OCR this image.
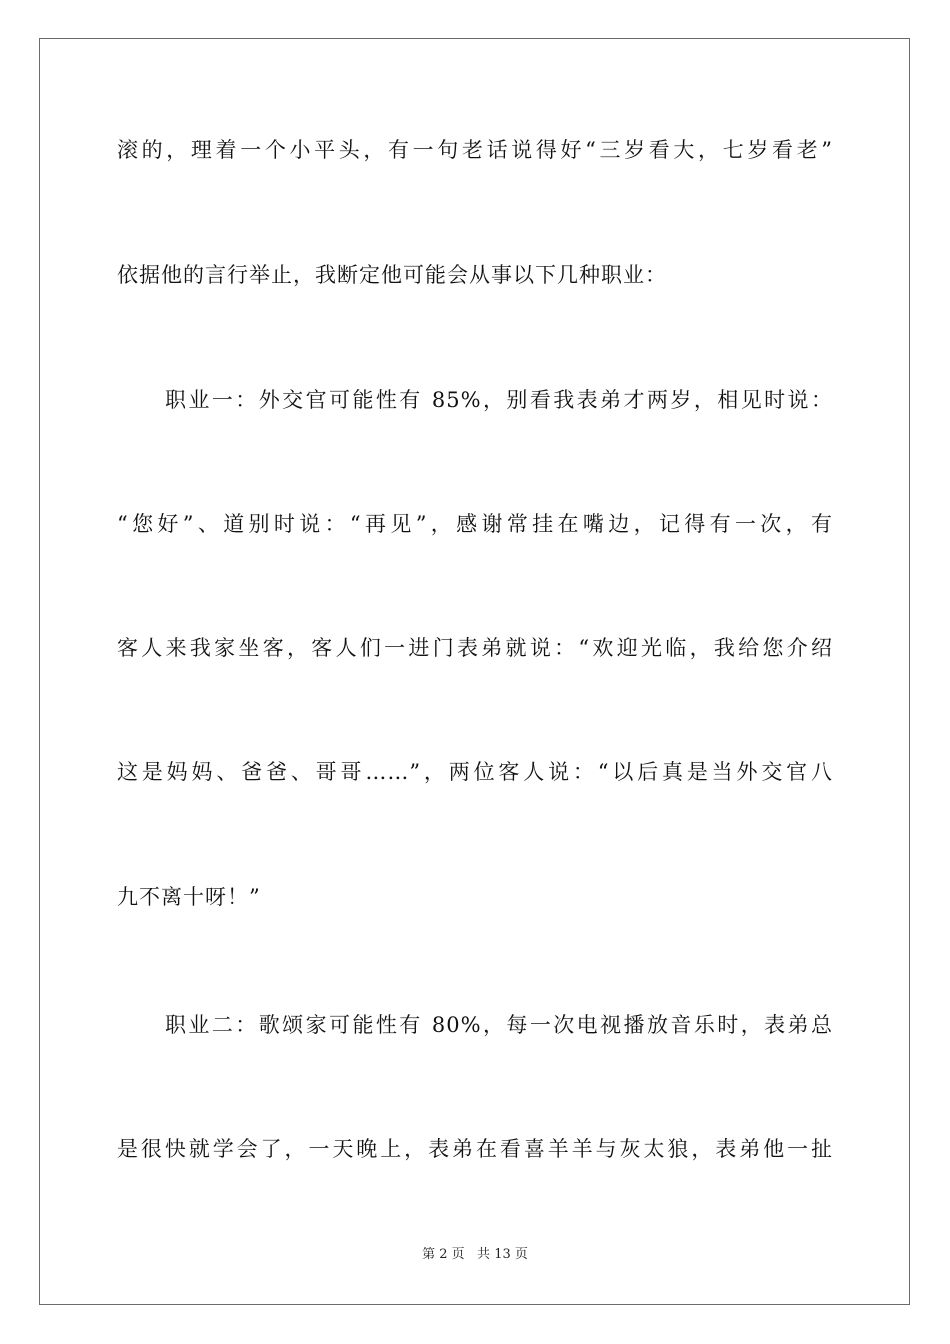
滚的，理着一个小平头，有一句老话说得好“三岁看大，七岁看老”
依据他的言行举止，我断定他可能会从事以下几种职业：
职业一：外交官可能性有 85%，别看我表弟才两岁，相见时说：
“您好”、道别时说：“再见”，感谢常挂在嘴边，记得有一次，有
客人来我家坐客，客人们一进门表弟就说：“欢迎光临，我给您介绍
这是妈妈、爸爸、哥哥……”，两位客人说：“以后真是当外交官八
九不离十呀！”
职业二：歌颂家可能性有 80%，每一次电视播放音乐时，表弟总
是很快就学会了，一天晚上，表弟在看喜羊羊与灰太狼，表弟他一扯
第 2 页   共 13 页
